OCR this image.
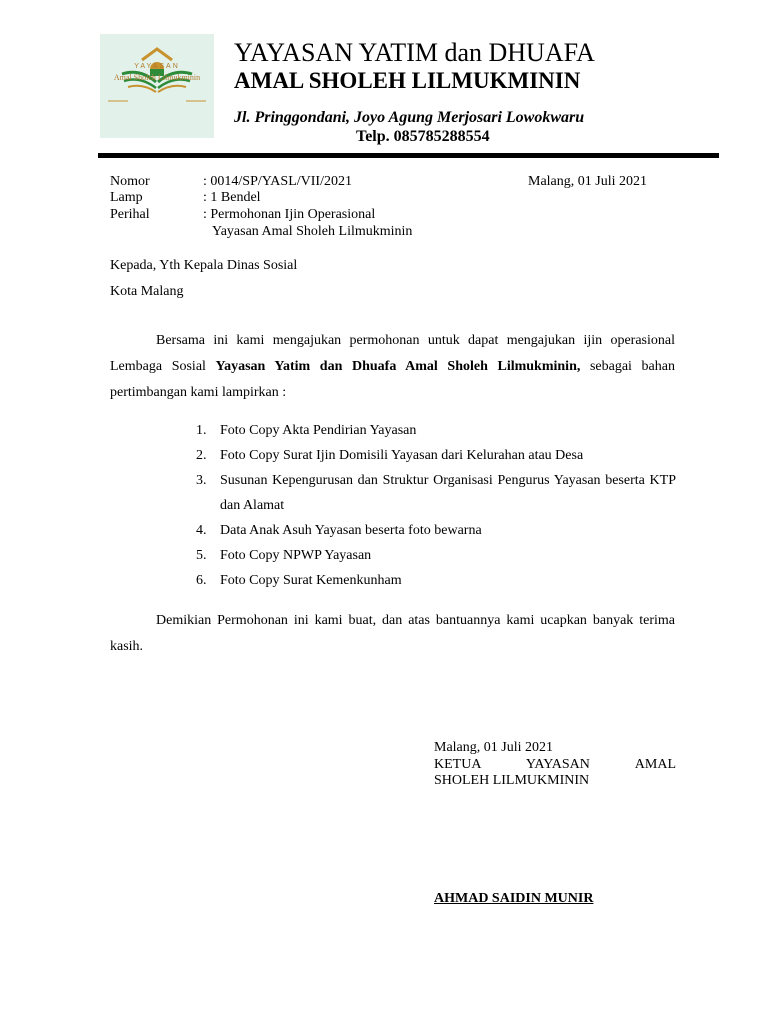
YAYASAN
Amal Sholeh Lilmukminin
YAYASAN YATIM dan DHUAFA
AMAL SHOLEH LILMUKMININ
Jl. Pringgondani, Joyo Agung Merjosari Lowokwaru
Telp. 085785288554
Nomor	: 0014/SP/YASL/VII/2021	Malang, 01 Juli 2021
Lamp	: 1 Bendel
Perihal	: Permohonan Ijin Operasional
Yayasan Amal Sholeh Lilmukminin
Kepada, Yth Kepala Dinas Sosial
Kota Malang
Bersama ini kami mengajukan permohonan untuk dapat mengajukan ijin operasional Lembaga Sosial Yayasan Yatim dan Dhuafa Amal Sholeh Lilmukminin, sebagai bahan pertimbangan kami lampirkan :
1. Foto Copy Akta Pendirian Yayasan
2. Foto Copy Surat Ijin Domisili Yayasan dari Kelurahan atau Desa
3. Susunan Kepengurusan dan Struktur Organisasi Pengurus Yayasan beserta KTP dan Alamat
4. Data Anak Asuh Yayasan beserta foto bewarna
5. Foto Copy NPWP Yayasan
6. Foto Copy Surat Kemenkunham
Demikian Permohonan ini kami buat, dan atas bantuannya kami ucapkan banyak terima kasih.
Malang, 01 Juli 2021
KETUA YAYASAN AMAL
SHOLEH LILMUKMININ
AHMAD SAIDIN MUNIR
